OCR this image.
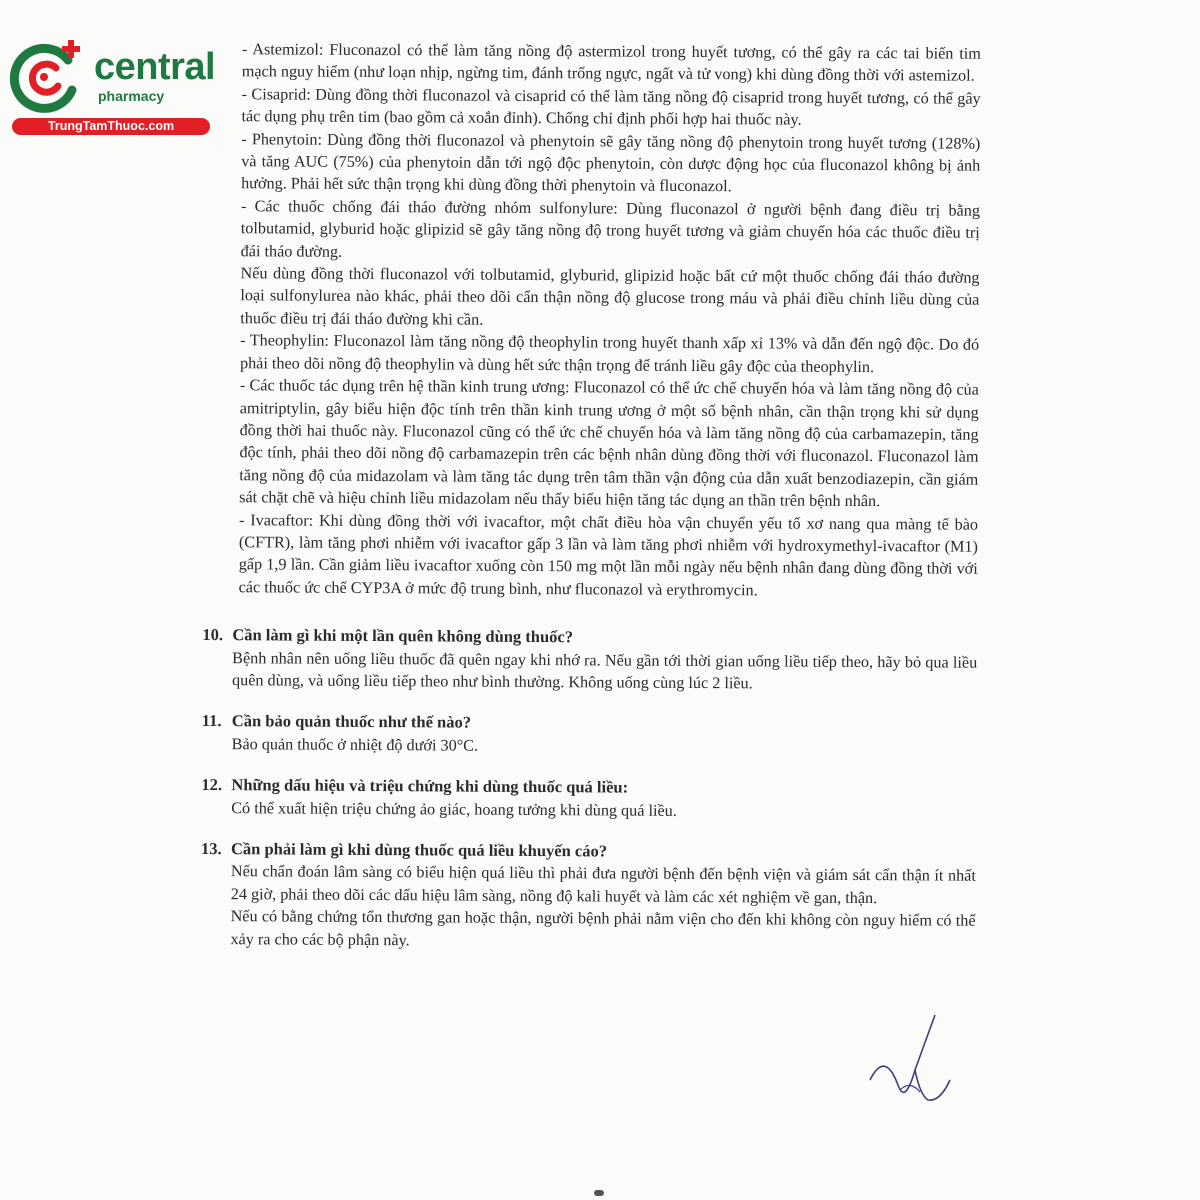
central
pharmacy
TrungTamThuoc.com

- Astemizol: Fluconazol có thể làm tăng nồng độ astermizol trong huyết tương, có thể gây ra các tai biến tim mạch nguy hiểm (như loạn nhịp, ngừng tim, đánh trống ngực, ngất và tử vong) khi dùng đồng thời với astemizol.

- Cisaprid: Dùng đồng thời fluconazol và cisaprid có thể làm tăng nồng độ cisaprid trong huyết tương, có thể gây tác dụng phụ trên tim (bao gồm cả xoắn đỉnh). Chống chỉ định phối hợp hai thuốc này.

- Phenytoin: Dùng đồng thời fluconazol và phenytoin sẽ gây tăng nồng độ phenytoin trong huyết tương (128%) và tăng AUC (75%) của phenytoin dẫn tới ngộ độc phenytoin, còn dược động học của fluconazol không bị ảnh hưởng. Phải hết sức thận trọng khi dùng đồng thời phenytoin và fluconazol.

- Các thuốc chống đái tháo đường nhóm sulfonylure: Dùng fluconazol ở người bệnh đang điều trị bằng tolbutamid, glyburid hoặc glipizid sẽ gây tăng nồng độ trong huyết tương và giảm chuyển hóa các thuốc điều trị đái tháo đường.

Nếu dùng đồng thời fluconazol với tolbutamid, glyburid, glipizid hoặc bất cứ một thuốc chống đái tháo đường loại sulfonylurea nào khác, phải theo dõi cẩn thận nồng độ glucose trong máu và phải điều chỉnh liều dùng của thuốc điều trị đái tháo đường khi cần.

- Theophylin: Fluconazol làm tăng nồng độ theophylin trong huyết thanh xấp xỉ 13% và dẫn đến ngộ độc. Do đó phải theo dõi nồng độ theophylin và dùng hết sức thận trọng để tránh liều gây độc của theophylin.

- Các thuốc tác dụng trên hệ thần kinh trung ương: Fluconazol có thể ức chế chuyển hóa và làm tăng nồng độ của amitriptylin, gây biểu hiện độc tính trên thần kinh trung ương ở một số bệnh nhân, cần thận trọng khi sử dụng đồng thời hai thuốc này. Fluconazol cũng có thể ức chế chuyển hóa và làm tăng nồng độ của carbamazepin, tăng độc tính, phải theo dõi nồng độ carbamazepin trên các bệnh nhân dùng đồng thời với fluconazol. Fluconazol làm tăng nồng độ của midazolam và làm tăng tác dụng trên tâm thần vận động của dẫn xuất benzodiazepin, cần giám sát chặt chẽ và hiệu chỉnh liều midazolam nếu thấy biểu hiện tăng tác dụng an thần trên bệnh nhân.

- Ivacaftor: Khi dùng đồng thời với ivacaftor, một chất điều hòa vận chuyển yếu tố xơ nang qua màng tế bào (CFTR), làm tăng phơi nhiễm với ivacaftor gấp 3 lần và làm tăng phơi nhiễm với hydroxymethyl-ivacaftor (M1) gấp 1,9 lần. Cần giảm liều ivacaftor xuống còn 150 mg một lần mỗi ngày nếu bệnh nhân đang dùng đồng thời với các thuốc ức chế CYP3A ở mức độ trung bình, như fluconazol và erythromycin.

10. Cần làm gì khi một lần quên không dùng thuốc?

Bệnh nhân nên uống liều thuốc đã quên ngay khi nhớ ra. Nếu gần tới thời gian uống liều tiếp theo, hãy bỏ qua liều quên dùng, và uống liều tiếp theo như bình thường. Không uống cùng lúc 2 liều.

11. Cần bảo quản thuốc như thế nào?

Bảo quản thuốc ở nhiệt độ dưới 30°C.

12. Những dấu hiệu và triệu chứng khi dùng thuốc quá liều:

Có thể xuất hiện triệu chứng ảo giác, hoang tưởng khi dùng quá liều.

13. Cần phải làm gì khi dùng thuốc quá liều khuyến cáo?

Nếu chẩn đoán lâm sàng có biểu hiện quá liều thì phải đưa người bệnh đến bệnh viện và giám sát cẩn thận ít nhất 24 giờ, phải theo dõi các dấu hiệu lâm sàng, nồng độ kali huyết và làm các xét nghiệm về gan, thận.

Nếu có bằng chứng tổn thương gan hoặc thận, người bệnh phải nằm viện cho đến khi không còn nguy hiểm có thể xảy ra cho các bộ phận này.
